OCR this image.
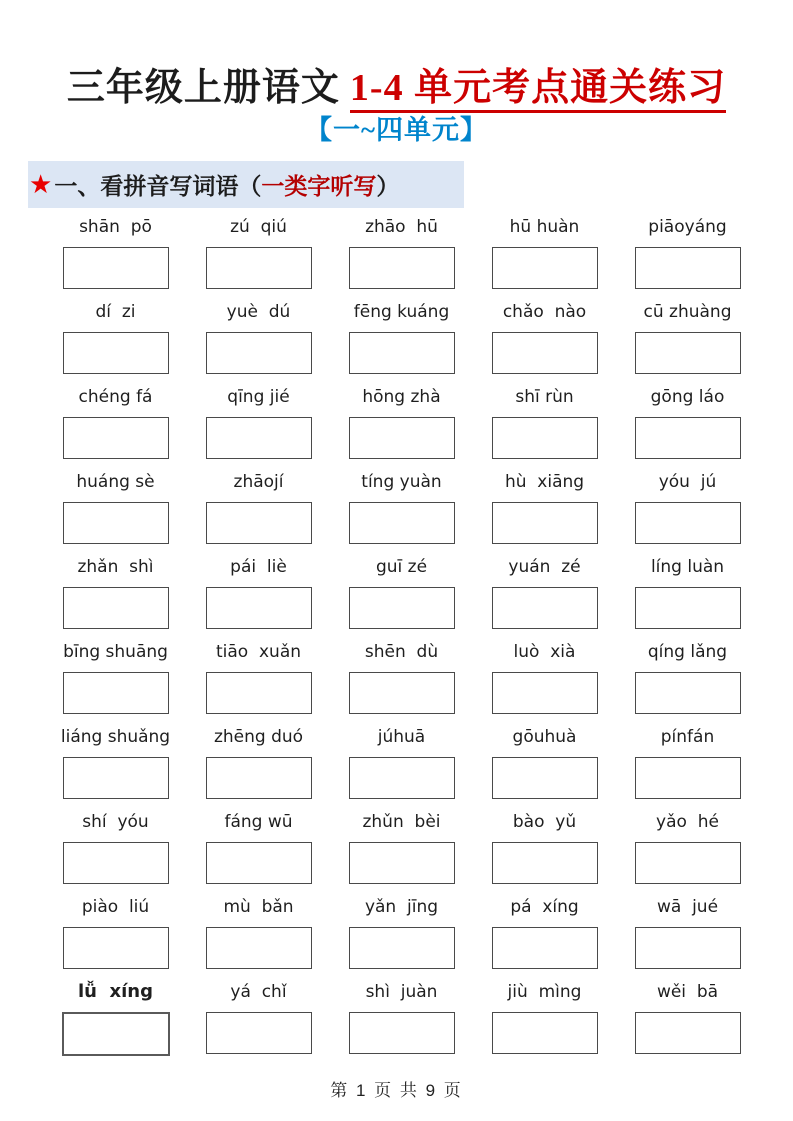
三年级上册语文 1-4 单元考点通关练习
【一~四单元】
★ 一、看拼音写词语（ 一类字听写 ）
shān  pō	zú  qiú	zhāo  hū	hū huàn	piāoyáng
dí  zi	yuè  dú	fēng kuáng	chǎo  nào	cū zhuàng
chéng fá	qīng jié	hōng zhà	shī rùn	gōng láo
huáng sè	zhāojí	tíng yuàn	hù  xiāng	yóu  jú
zhǎn  shì	pái  liè	guī zé	yuán  zé	líng luàn
bīng shuāng	tiāo  xuǎn	shēn  dù	luò  xià	qíng lǎng
liáng shuǎng	zhēng duó	júhuā	gōuhuà	pínfán
shí  yóu	fáng wū	zhǔn  bèi	bào  yǔ	yǎo  hé
piào  liú	mù  bǎn	yǎn  jīng	pá  xíng	wā  jué
lǚ  xíng	yá  chǐ	shì  juàn	jiù  mìng	wěi  bā
第 1 页 共 9 页
